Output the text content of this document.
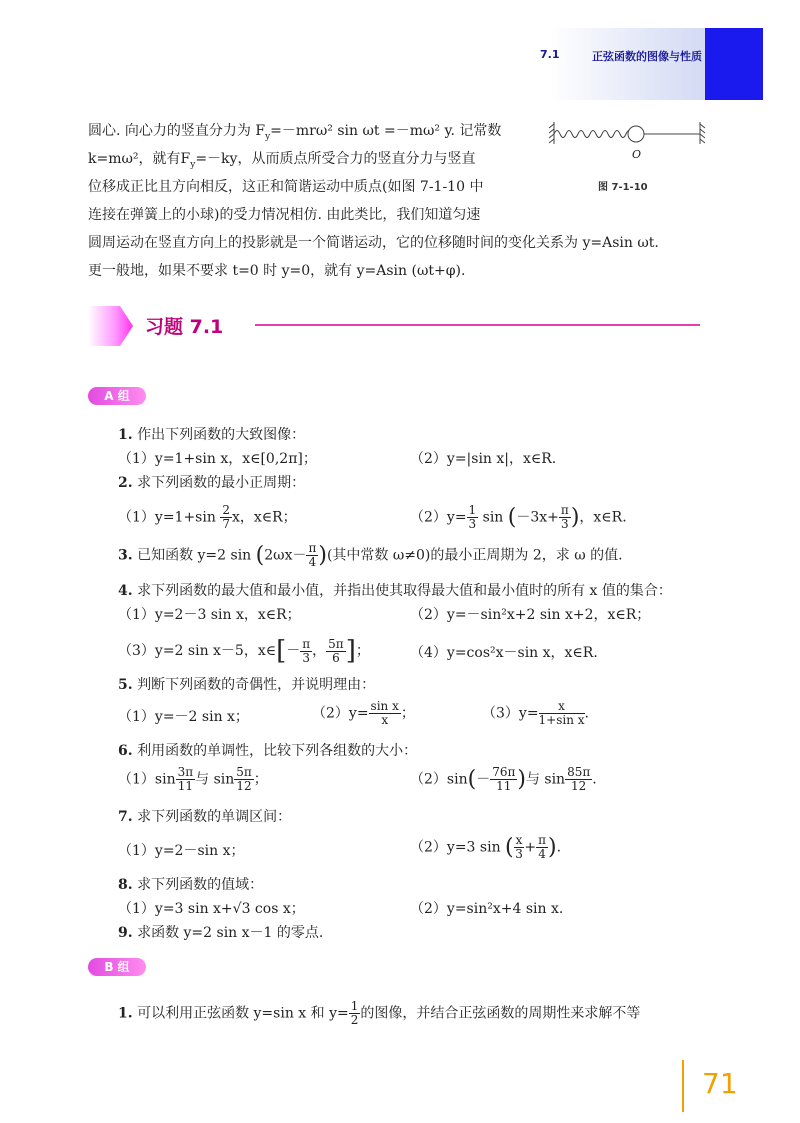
7.1	正弦函数的图像与性质
圆心. 向心力的竖直分力为 $F_y=-mr\omega^2$ sin ωt =－mω² y. 记常数
k=mω²，就有$F_y=-ky$，从而质点所受合力的竖直分力与竖直
位移成正比且方向相反，这正和简谐运动中质点(如图 7-1-10 中
连接在弹簧上的小球)的受力情况相仿. 由此类比，我们知道匀速
圆周运动在竖直方向上的投影就是一个简谐运动，它的位移随时间的变化关系为 y=Asin ωt.
更一般地，如果不要求 t=0 时 y=0，就有 y=Asin (ωt+φ).
O
图 7-1-10
习题 7.1
A 组
1. 作出下列函数的大致图像：
（1）y=1+sin x，x∈[0,2π]；	（2）y=|sin x|，x∈R.
2. 求下列函数的最小正周期：
$(1)y=1+\sin \frac{2}{7}$ x，x∈R；	$(2)y= \frac{1}{3}$ $\sin (-3x+ \frac{\pi}{3}$ )，x∈R.
3. 已知函数 y=2 $\sin (2\omega x- \frac{\pi}{4}$ )(其中常数 ω≠0)的最小正周期为 2，求 ω 的值.
4. 求下列函数的最大值和最小值，并指出使其取得最大值和最小值时的所有 x 值的集合：
（1）y=2－3 sin x，x∈R；	（2）y=－sin²x+2 sin x+2，x∈R；
（3）y=2 sin x－5，x∈[－ $\frac{\pi}{3}$ ， $\frac{5\pi}{6}$ ]；	（4）y=cos²x－sin x，x∈R.
5. 判断下列函数的奇偶性，并说明理由：
（1）y=－2 sin x；	$(2)y= \frac{\text{sin x}}{x}$ ；	$(3)y= \frac{x}{\text{1+sin x}}$ .
6. 利用函数的单调性，比较下列各组数的大小：
$(1)\sin \frac{3\pi}{11}$ 与 $\sin \frac{5\pi}{12}$ ；	$(2)\sin(- \frac{76\pi}{11}$ )与 $\sin \frac{85\pi}{12}$ .
7. 求下列函数的单调区间：
（1）y=2－sin x；	（2）y=3 sin ( $\frac{x}{3} + \frac{\pi}{4}$ ).
8. 求下列函数的值域：
（1）y=3 sin x+√3 cos x；	（2）y=sin²x+4 sin x.
9. 求函数 y=2 sin x－1 的零点.
B 组
1. 可以利用正弦函数 y=sin x 和 $y= \frac{1}{2}$ 的图像，并结合正弦函数的周期性来求解不等
71
